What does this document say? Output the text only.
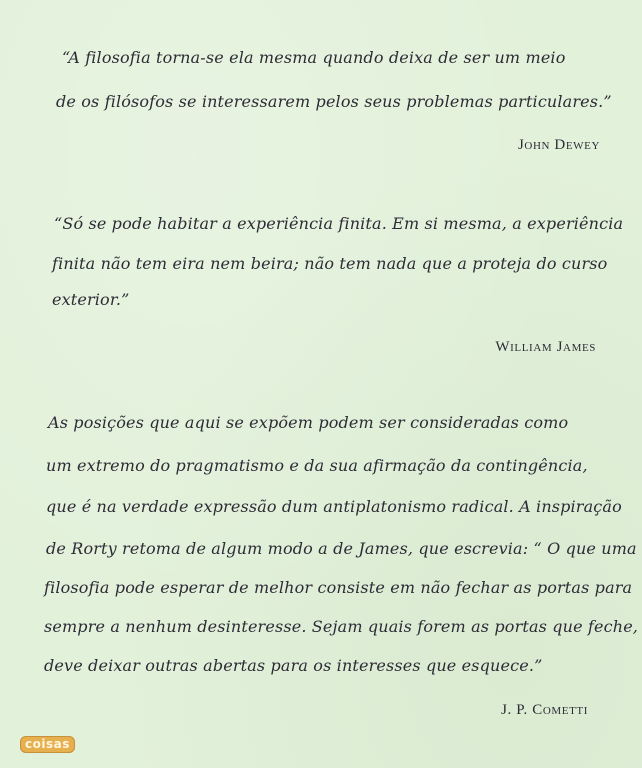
“A filosofia torna-se ela mesma quando deixa de ser um meio
de os filósofos se interessarem pelos seus problemas particulares.”
John Dewey
“Só se pode habitar a experiência finita. Em si mesma, a experiência
finita não tem eira nem beira; não tem nada que a proteja do curso
exterior.”
William James
As posições que aqui se expõem podem ser consideradas como
um extremo do pragmatismo e da sua afirmação da contingência,
que é na verdade expressão dum antiplatonismo radical. A inspiração
de Rorty retoma de algum modo a de James, que escrevia: “ O que uma
filosofia pode esperar de melhor consiste em não fechar as portas para
sempre a nenhum desinteresse. Sejam quais forem as portas que feche,
deve deixar outras abertas para os interesses que esquece.”
J. P. Cometti
coisas
